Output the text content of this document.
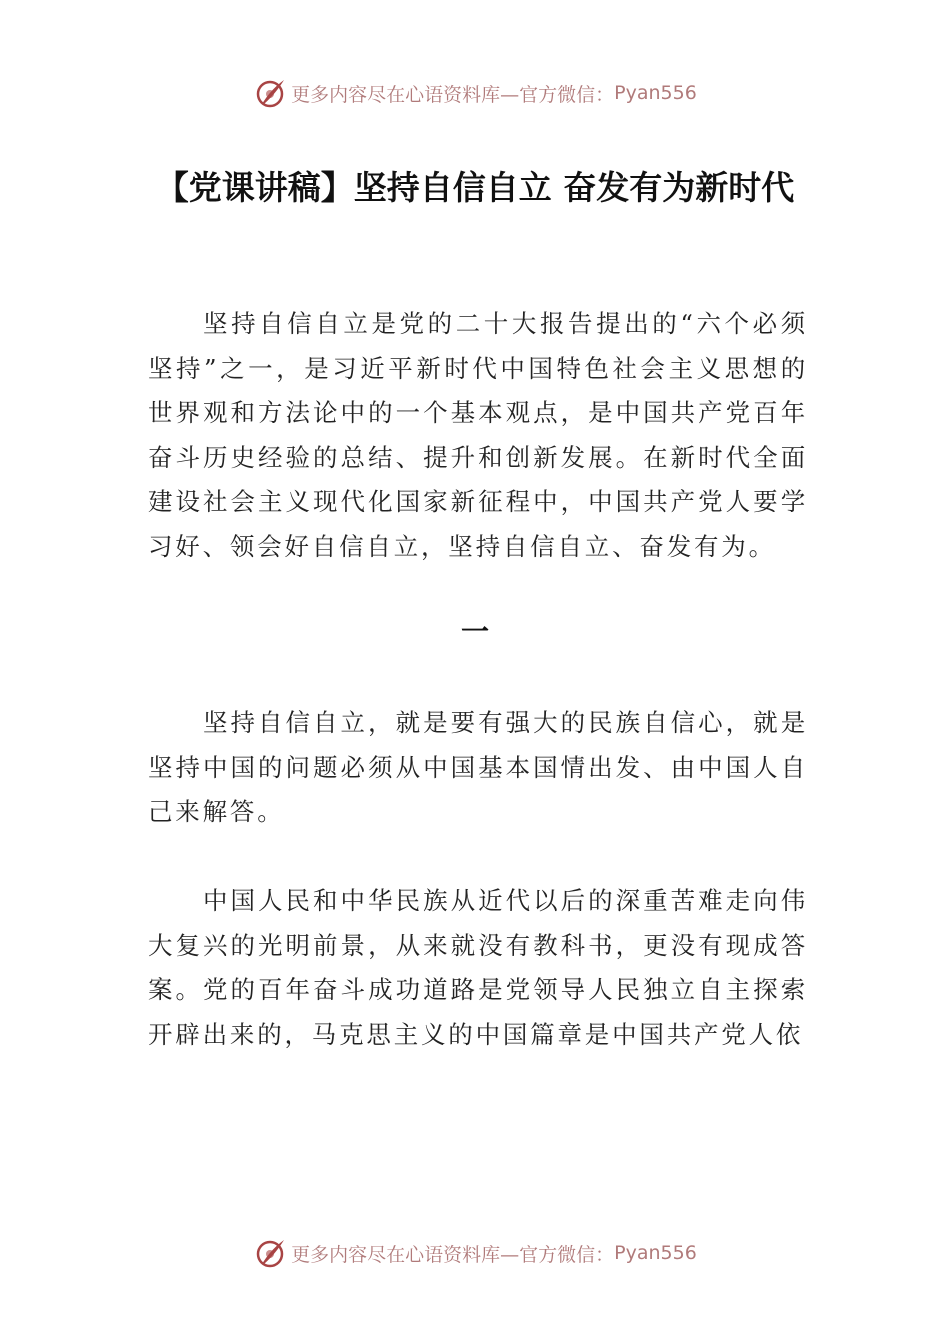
更多内容尽在心语资料库—官方微信： Pyan556
【党课讲稿】坚持自信自立 奋发有为新时代

坚持自信自立是党的二十大报告提出的“六个必须坚持”之一，是习近平新时代中国特色社会主义思想的世界观和方法论中的一个基本观点，是中国共产党百年奋斗历史经验的总结、提升和创新发展。在新时代全面建设社会主义现代化国家新征程中，中国共产党人要学习好、领会好自信自立，坚持自信自立、奋发有为。

一

坚持自信自立，就是要有强大的民族自信心，就是坚持中国的问题必须从中国基本国情出发、由中国人自己来解答。

中国人民和中华民族从近代以后的深重苦难走向伟大复兴的光明前景，从来就没有教科书，更没有现成答案。党的百年奋斗成功道路是党领导人民独立自主探索开辟出来的，马克思主义的中国篇章是中国共产党人依

更多内容尽在心语资料库—官方微信： Pyan556
